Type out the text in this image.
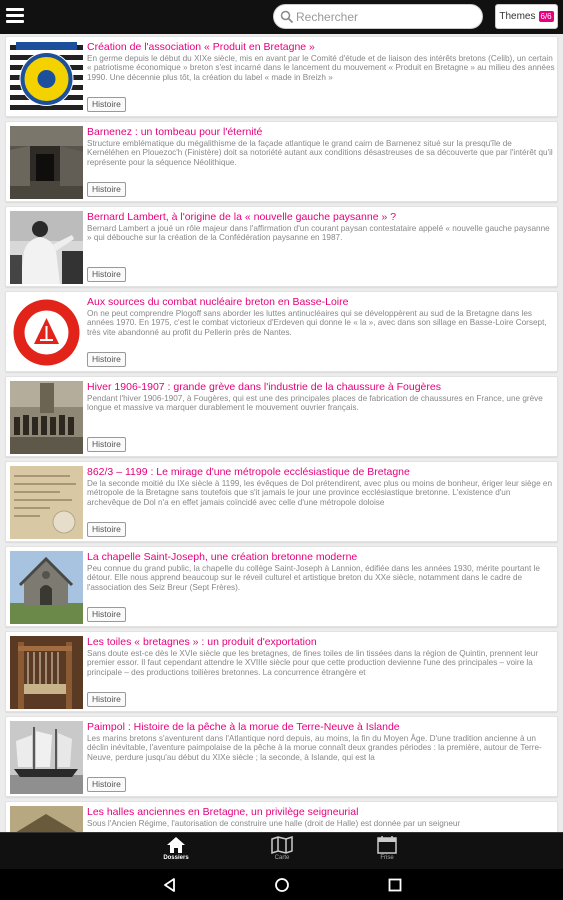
Rechercher
Themes 6/6
Création de l'association « Produit en Bretagne »
En germe depuis le début du XIXe siècle, mis en avant par le Comité d'étude et de liaison des intérêts bretons (Celib), un certain « patriotisme économique » breton s'est incarné dans le lancement du mouvement « Produit en Bretagne » au milieu des années 1990. Une décennie plus tôt, la création du label « made in Breizh »
Histoire
Barnenez : un tombeau pour l'éternité
Structure emblématique du mégalithisme de la façade atlantique le grand cairn de Barnenez situé sur la presqu'île de Kernéléhen en Plouezoc'h (Finistère) doit sa notoriété autant aux conditions désastreuses de sa découverte que par l'intérêt qu'il représente pour la séquence Néolithique.
Histoire
Bernard Lambert, à l'origine de la « nouvelle gauche paysanne » ?
Bernard Lambert a joué un rôle majeur dans l'affirmation d'un courant paysan contestataire appelé « nouvelle gauche paysanne » qui débouche sur la création de la Confédération paysanne en 1987.
Histoire
Aux sources du combat nucléaire breton en Basse-Loire
On ne peut comprendre Plogoff sans aborder les luttes antinucléaires qui se développèrent au sud de la Bretagne dans les années 1970. En 1975, c'est le combat victorieux d'Erdeven qui donne le « la », avec dans son sillage en Basse-Loire Corsept, très vite abandonné au profit du Pellerin près de Nantes.
Histoire
Hiver 1906-1907 : grande grève dans l'industrie de la chaussure à Fougères
Pendant l'hiver 1906-1907, à Fougères, qui est une des principales places de fabrication de chaussures en France, une grève longue et massive va marquer durablement le mouvement ouvrier français.
Histoire
862/3 – 1199 : Le mirage d'une métropole ecclésiastique de Bretagne
De la seconde moitié du IXe siècle à 1199, les évêques de Dol prétendirent, avec plus ou moins de bonheur, ériger leur siège en métropole de la Bretagne sans toutefois que s'it jamais le jour une province ecclésiastique bretonne. L'existence d'un archevêque de Dol n'a en effet jamais coïncidé avec celle d'une métropole doloise
Histoire
La chapelle Saint-Joseph, une création bretonne moderne
Peu connue du grand public, la chapelle du collège Saint-Joseph à Lannion, édifiée dans les années 1930, mérite pourtant le détour. Elle nous apprend beaucoup sur le réveil culturel et artistique breton du XXe siècle, notamment dans le cadre de l'association des Seiz Breur (Sept Frères).
Histoire
Les toiles « bretagnes » : un produit d'exportation
Sans doute est-ce dès le XVIe siècle que les bretagnes, de fines toiles de lin tissées dans la région de Quintin, prennent leur premier essor. Il faut cependant attendre le XVIIIe siècle pour que cette production devienne l'une des principales – voire la principale – des productions toilières bretonnes. La concurrence étrangère et
Histoire
Paimpol : Histoire de la pêche à la morue de Terre-Neuve à Islande
Les marins bretons s'aventurent dans l'Atlantique nord depuis, au moins, la fin du Moyen Âge. D'une tradition ancienne à un déclin inévitable, l'aventure paimpolaise de la pêche à la morue connaît deux grandes périodes : la première, autour de Terre-Neuve, perdure jusqu'au début du XIXe siècle ; la seconde, à Islande, qui est la
Histoire
Les halles anciennes en Bretagne, un privilège seigneurial
Sous l'Ancien Régime, l'autorisation de construire une halle (droit de Halle) est donnée par un seigneur
Dossiers	Carte	Frise
